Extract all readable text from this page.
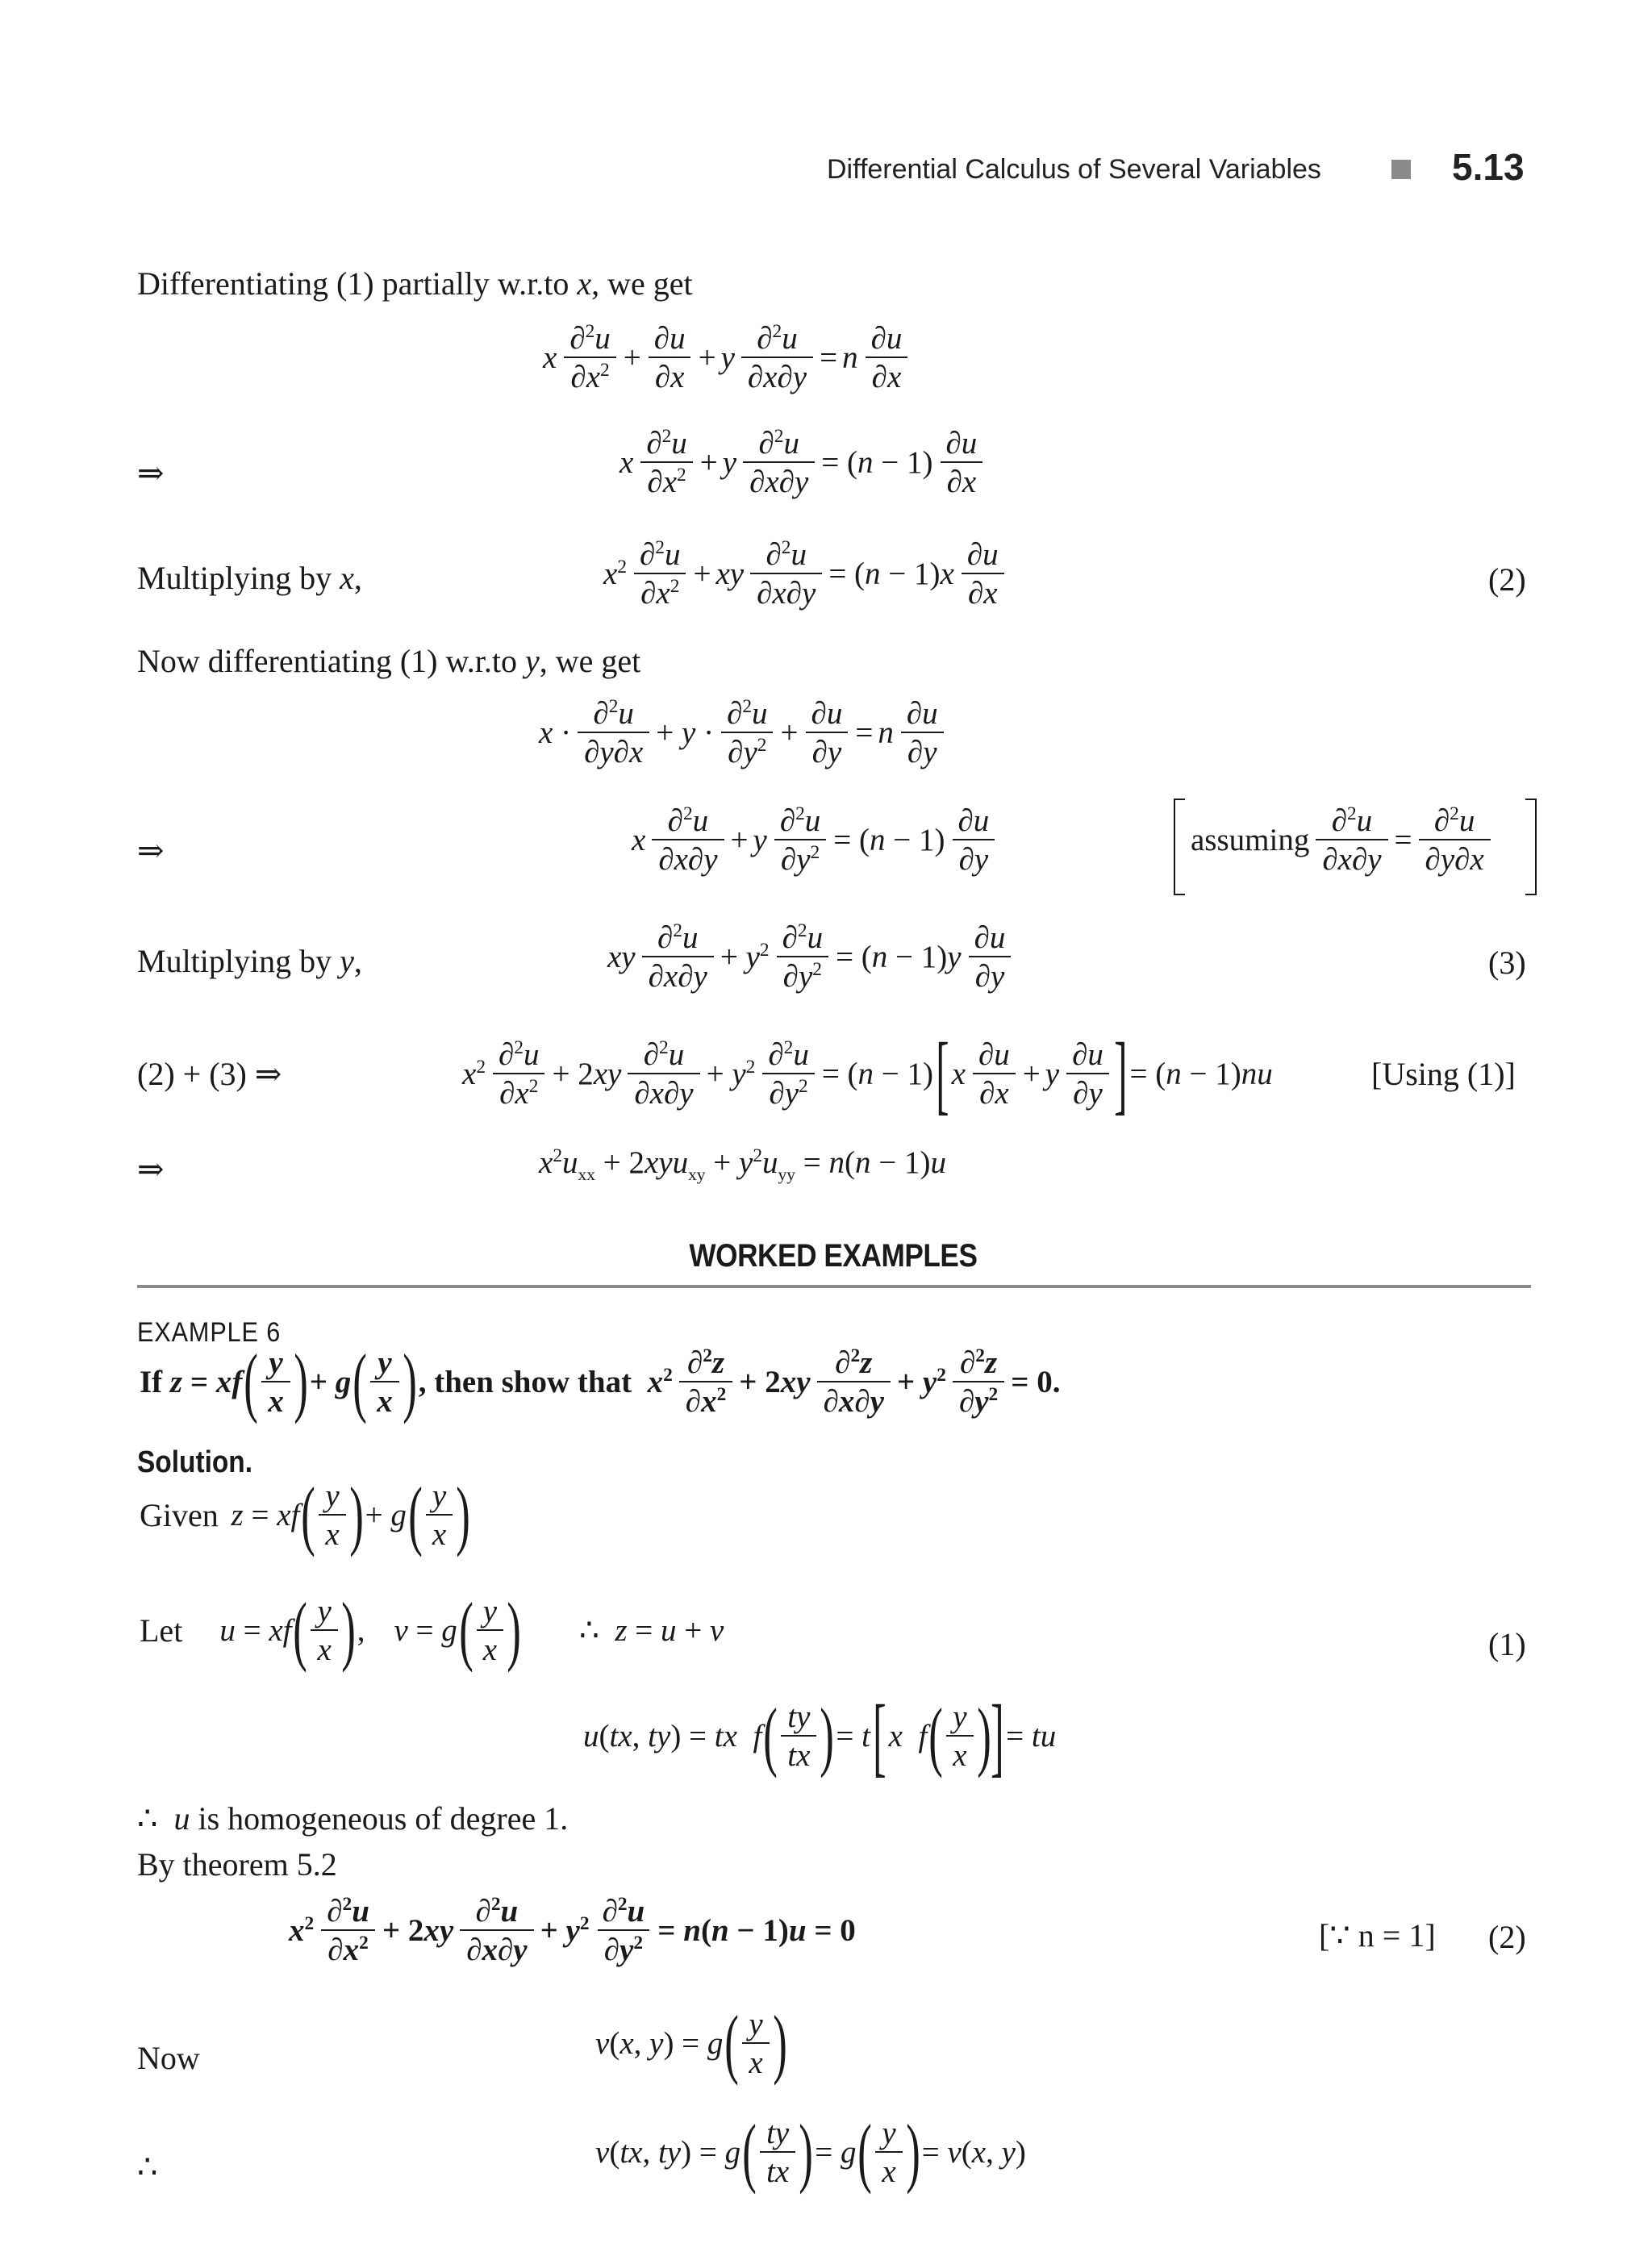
Differential Calculus of Several Variables	5.13
Differentiating (1) partially w.r.to x, we get
x $\frac{\partial^2u}{\partial x^2} + \frac{\partial u}{\partial x} + y \frac{\partial^2u}{\partial x\partial y} = n \frac{\partial u}{\partial x}$
⇒	x $\frac{\partial^2u}{\partial x^2} + y \frac{\partial^2u}{\partial x\partial y} = (n - 1) \frac{\partial u}{\partial x}$
Multiplying by x,	$x^2 \frac{\partial^2u}{\partial x^2}$ + xy $\frac{\partial^2u}{\partial x\partial y} = (n - 1)x \frac{\partial u}{\partial x}$	(2)
Now differentiating (1) w.r.to y, we get
$x \cdot \frac{\partial^2u}{\partial y\partial x} + y \cdot \frac{\partial^2u}{\partial y^2} + \frac{\partial u}{\partial y} = n \frac{\partial u}{\partial y}$
⇒	x $\frac{\partial^2u}{\partial x\partial y} + y \frac{\partial^2u}{\partial y^2} = (n - 1) \frac{\partial u}{\partial y}$	assuming $\frac{\partial^2u}{\partial x\partial y} = \frac{\partial^2u}{\partial y\partial x}$
Multiplying by y,	xy $\frac{\partial^2u}{\partial x\partial y} + y^2 \frac{\partial^2u}{\partial y^2} = (n - 1)y \frac{\partial u}{\partial y}$	(3)
(2) + (3) ⇒	$x^2 \frac{\partial^2u}{\partial x^2} + 2xy \frac{\partial^2u}{\partial x\partial y} + y^2 \frac{\partial^2u}{\partial y^2} = (n - 1)$ [ x $\frac{\partial u}{\partial x} + y \frac{\partial u}{\partial y}$ ] = (n − 1)nu	[Using (1)]
⇒	$x^2u_{xx} + 2xyu_{xy} + y^2u_{yy} = n(n - 1)u$
WORKED EXAMPLES
EXAMPLE 6
If z = xf ( $\frac{y}{x}$ ) + g ( $\frac{y}{x}$ ) , then show that  $x^2 \frac{\partial^2z}{\partial x^2} + 2xy \frac{\partial^2z}{\partial x\partial y} + y^2 \frac{\partial^2z}{\partial y^2} = 0$.
Solution.
Given z = xf ( $\frac{y}{x}$ ) + g ( $\frac{y}{x}$ )
Let u = xf ( $\frac{y}{x}$ ) , v = g ( $\frac{y}{x}$ ) ∴  z = u + v	(1)
u(tx, ty) = tx f ( $\frac{ty}{tx}$ ) = t [ x f ( $\frac{y}{x}$ ) ] = tu
∴  u is homogeneous of degree 1.
By theorem 5.2
$x^2 \frac{\partial^2u}{\partial x^2} + 2xy \frac{\partial^2u}{\partial x\partial y} + y^2 \frac{\partial^2u}{\partial y^2} = n(n - 1)u = 0$	[∵ n = 1] (2)
Now	v(x, y) = g ( $\frac{y}{x}$ )
∴	v(tx, ty) = g ( $\frac{ty}{tx}$ ) = g ( $\frac{y}{x}$ ) = v(x, y)
